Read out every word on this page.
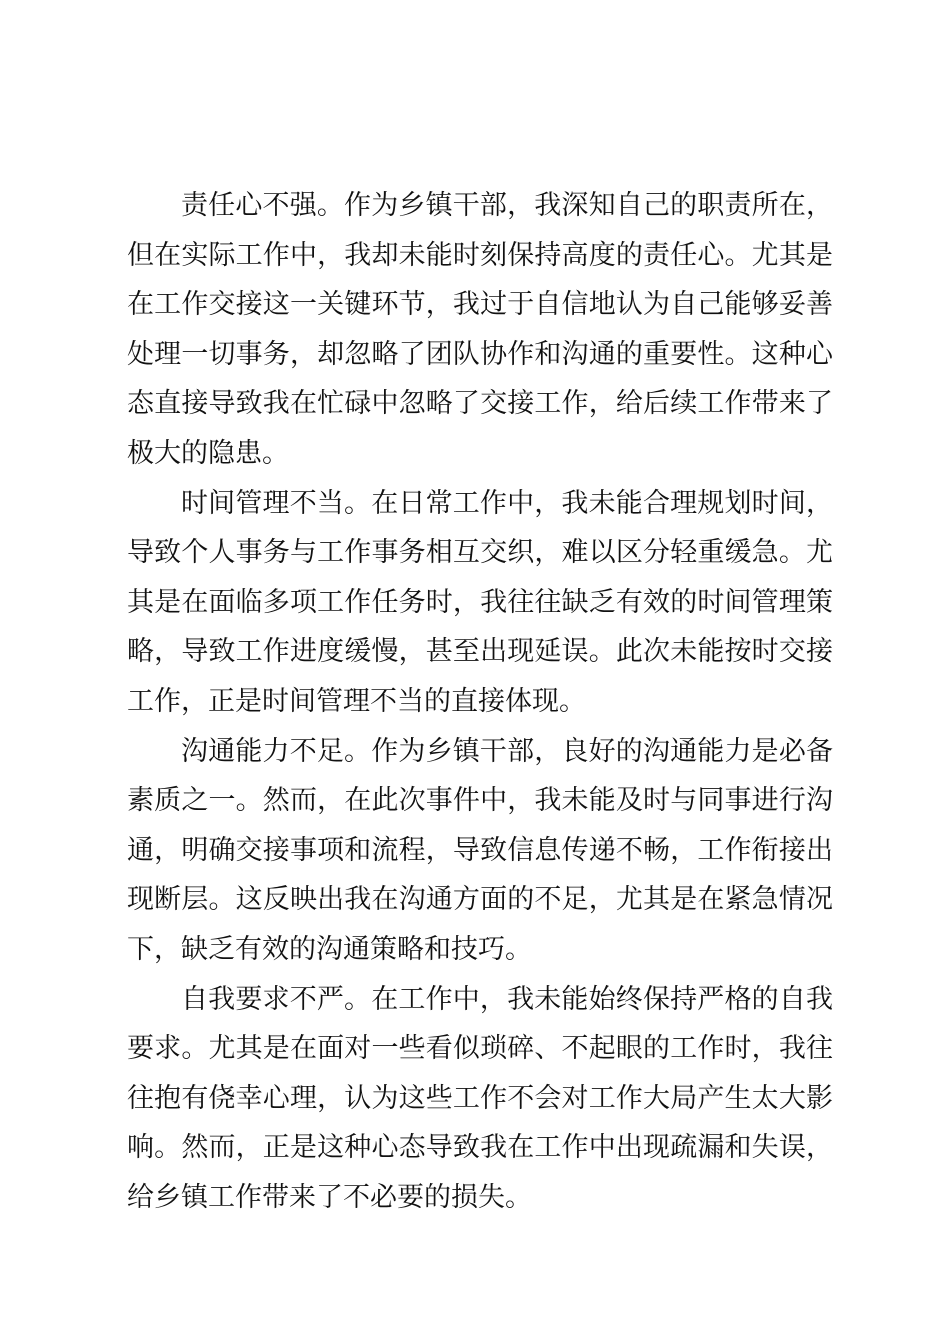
责任心不强。作为乡镇干部，我深知自己的职责所在，但在实际工作中，我却未能时刻保持高度的责任心。尤其是在工作交接这一关键环节，我过于自信地认为自己能够妥善处理一切事务，却忽略了团队协作和沟通的重要性。这种心态直接导致我在忙碌中忽略了交接工作，给后续工作带来了极大的隐患。

时间管理不当。在日常工作中，我未能合理规划时间，导致个人事务与工作事务相互交织，难以区分轻重缓急。尤其是在面临多项工作任务时，我往往缺乏有效的时间管理策略，导致工作进度缓慢，甚至出现延误。此次未能按时交接工作，正是时间管理不当的直接体现。

沟通能力不足。作为乡镇干部，良好的沟通能力是必备素质之一。然而，在此次事件中，我未能及时与同事进行沟通，明确交接事项和流程，导致信息传递不畅，工作衔接出现断层。这反映出我在沟通方面的不足，尤其是在紧急情况下，缺乏有效的沟通策略和技巧。

自我要求不严。在工作中，我未能始终保持严格的自我要求。尤其是在面对一些看似琐碎、不起眼的工作时，我往往抱有侥幸心理，认为这些工作不会对工作大局产生太大影响。然而，正是这种心态导致我在工作中出现疏漏和失误，给乡镇工作带来了不必要的损失。
